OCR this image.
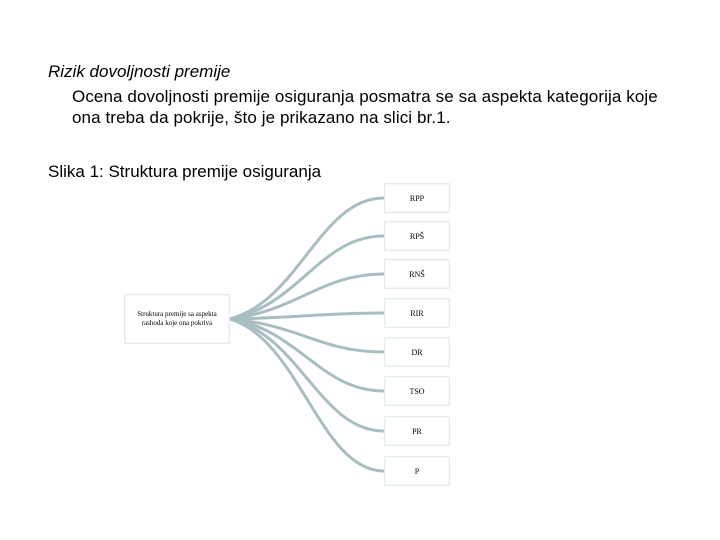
Rizik dovoljnosti premije
Ocena dovoljnosti premije osiguranja posmatra se sa aspekta kategorija koje ona treba da pokrije, što je prikazano na slici br.1.
Slika 1: Struktura premije osiguranja
Struktura premije sa aspekta rashoda koje ona pokriva
RPP
RPŠ
RNŠ
RIR
DR
TSO
PR
P
